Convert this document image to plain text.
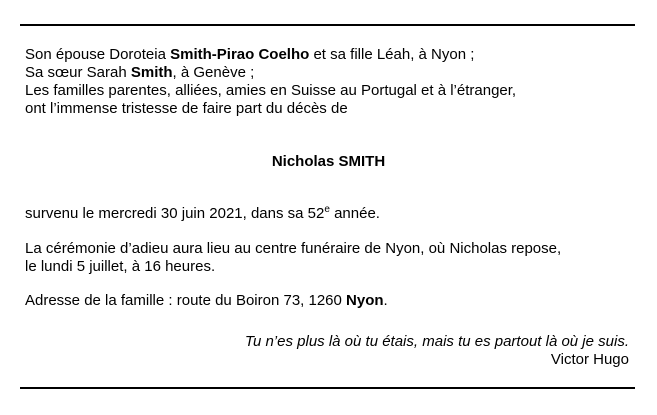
Son épouse Doroteia Smith-Pirao Coelho et sa fille Léah, à Nyon ;
Sa sœur Sarah Smith, à Genève ;
Les familles parentes, alliées, amies en Suisse au Portugal et à l’étranger,
ont l’immense tristesse de faire part du décès de
Nicholas SMITH
survenu le mercredi 30 juin 2021, dans sa 52e année.
La cérémonie d’adieu aura lieu au centre funéraire de Nyon, où Nicholas repose,
le lundi 5 juillet, à 16 heures.
Adresse de la famille : route du Boiron 73, 1260 Nyon.
Tu n’es plus là où tu étais, mais tu es partout là où je suis.
Victor Hugo
